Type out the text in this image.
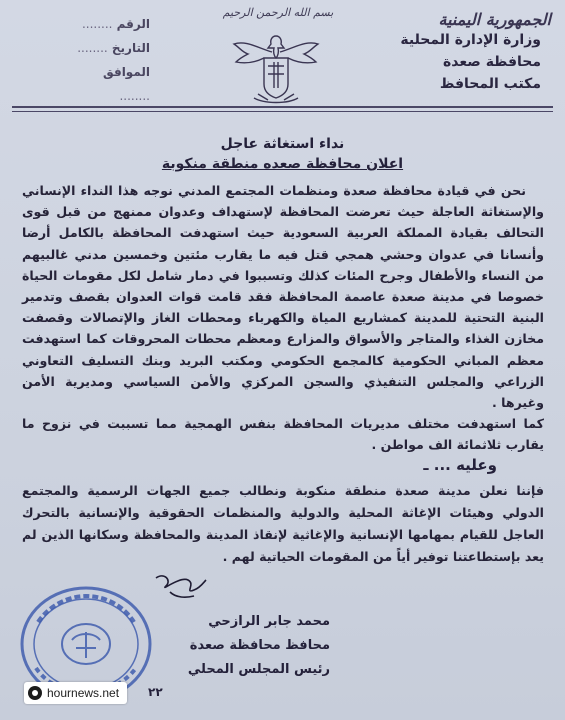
الجمهورية اليمنية
وزارة الإدارة المحلية
محافظة صعدة
مكتب المحافظ
بسم الله الرحمن الرحيم
الرقم ........
التاريخ ........
الموافق ........
نداء استغاثة عاجل
اعلان محافظة صعده منطقة منكوبة

نحن في قيادة محافظة صعدة ومنظمات المجتمع المدني نوجه هذا النداء الإنساني والإستغاثة العاجلة حيث تعرضت المحافظة لإستهداف وعدوان ممنهج من قبل قوى التحالف بقيادة المملكة العربية السعودية حيث استهدفت المحافظة بالكامل أرضا وأنسانا في عدوان وحشي همجي قتل فيه ما يقارب مئتين وخمسين مدني غالبيهم من النساء والأطفال وجرح المئات كذلك وتسببوا في دمار شامل لكل مقومات الحياة خصوصا في مدينة صعدة عاصمة المحافظة فقد قامت قوات العدوان بقصف وتدمير البنية التحتية للمدينة كمشاريع المياة والكهرباء ومحطات الغاز والإتصالات وقصفت مخازن الغذاء والمتاجر والأسواق والمزارع ومعظم محطات المحروقات كما استهدفت معظم المباني الحكومية كالمجمع الحكومي ومكتب البريد وبنك التسليف التعاوني الزراعي والمجلس التنفيذي والسجن المركزي والأمن السياسي ومديرية الأمن وغيرها .

كما استهدفت مختلف مديريات المحافظة بنفس الهمجية مما تسببت في نزوح ما يقارب ثلاثمائة الف مواطن .

وعليه ... ـ

فإننا نعلن مدينة صعدة منطقة منكوبة ونطالب جميع الجهات الرسمية والمجتمع الدولي وهيئات الإغاثة المحلية والدولية والمنظمات الحقوقية والإنسانية بالتحرك العاجل للقيام بمهامها الإنسانية والإغاثية لإنقاذ المدينة والمحافظة وسكانها الذين لم يعد بإستطاعتنا توفير أياً من المقومات الحياتية لهم .

محمد جابر الرازحي
محافظ محافظة صعدة
رئيس المجلس المحلي
٢٢
hournews.net
